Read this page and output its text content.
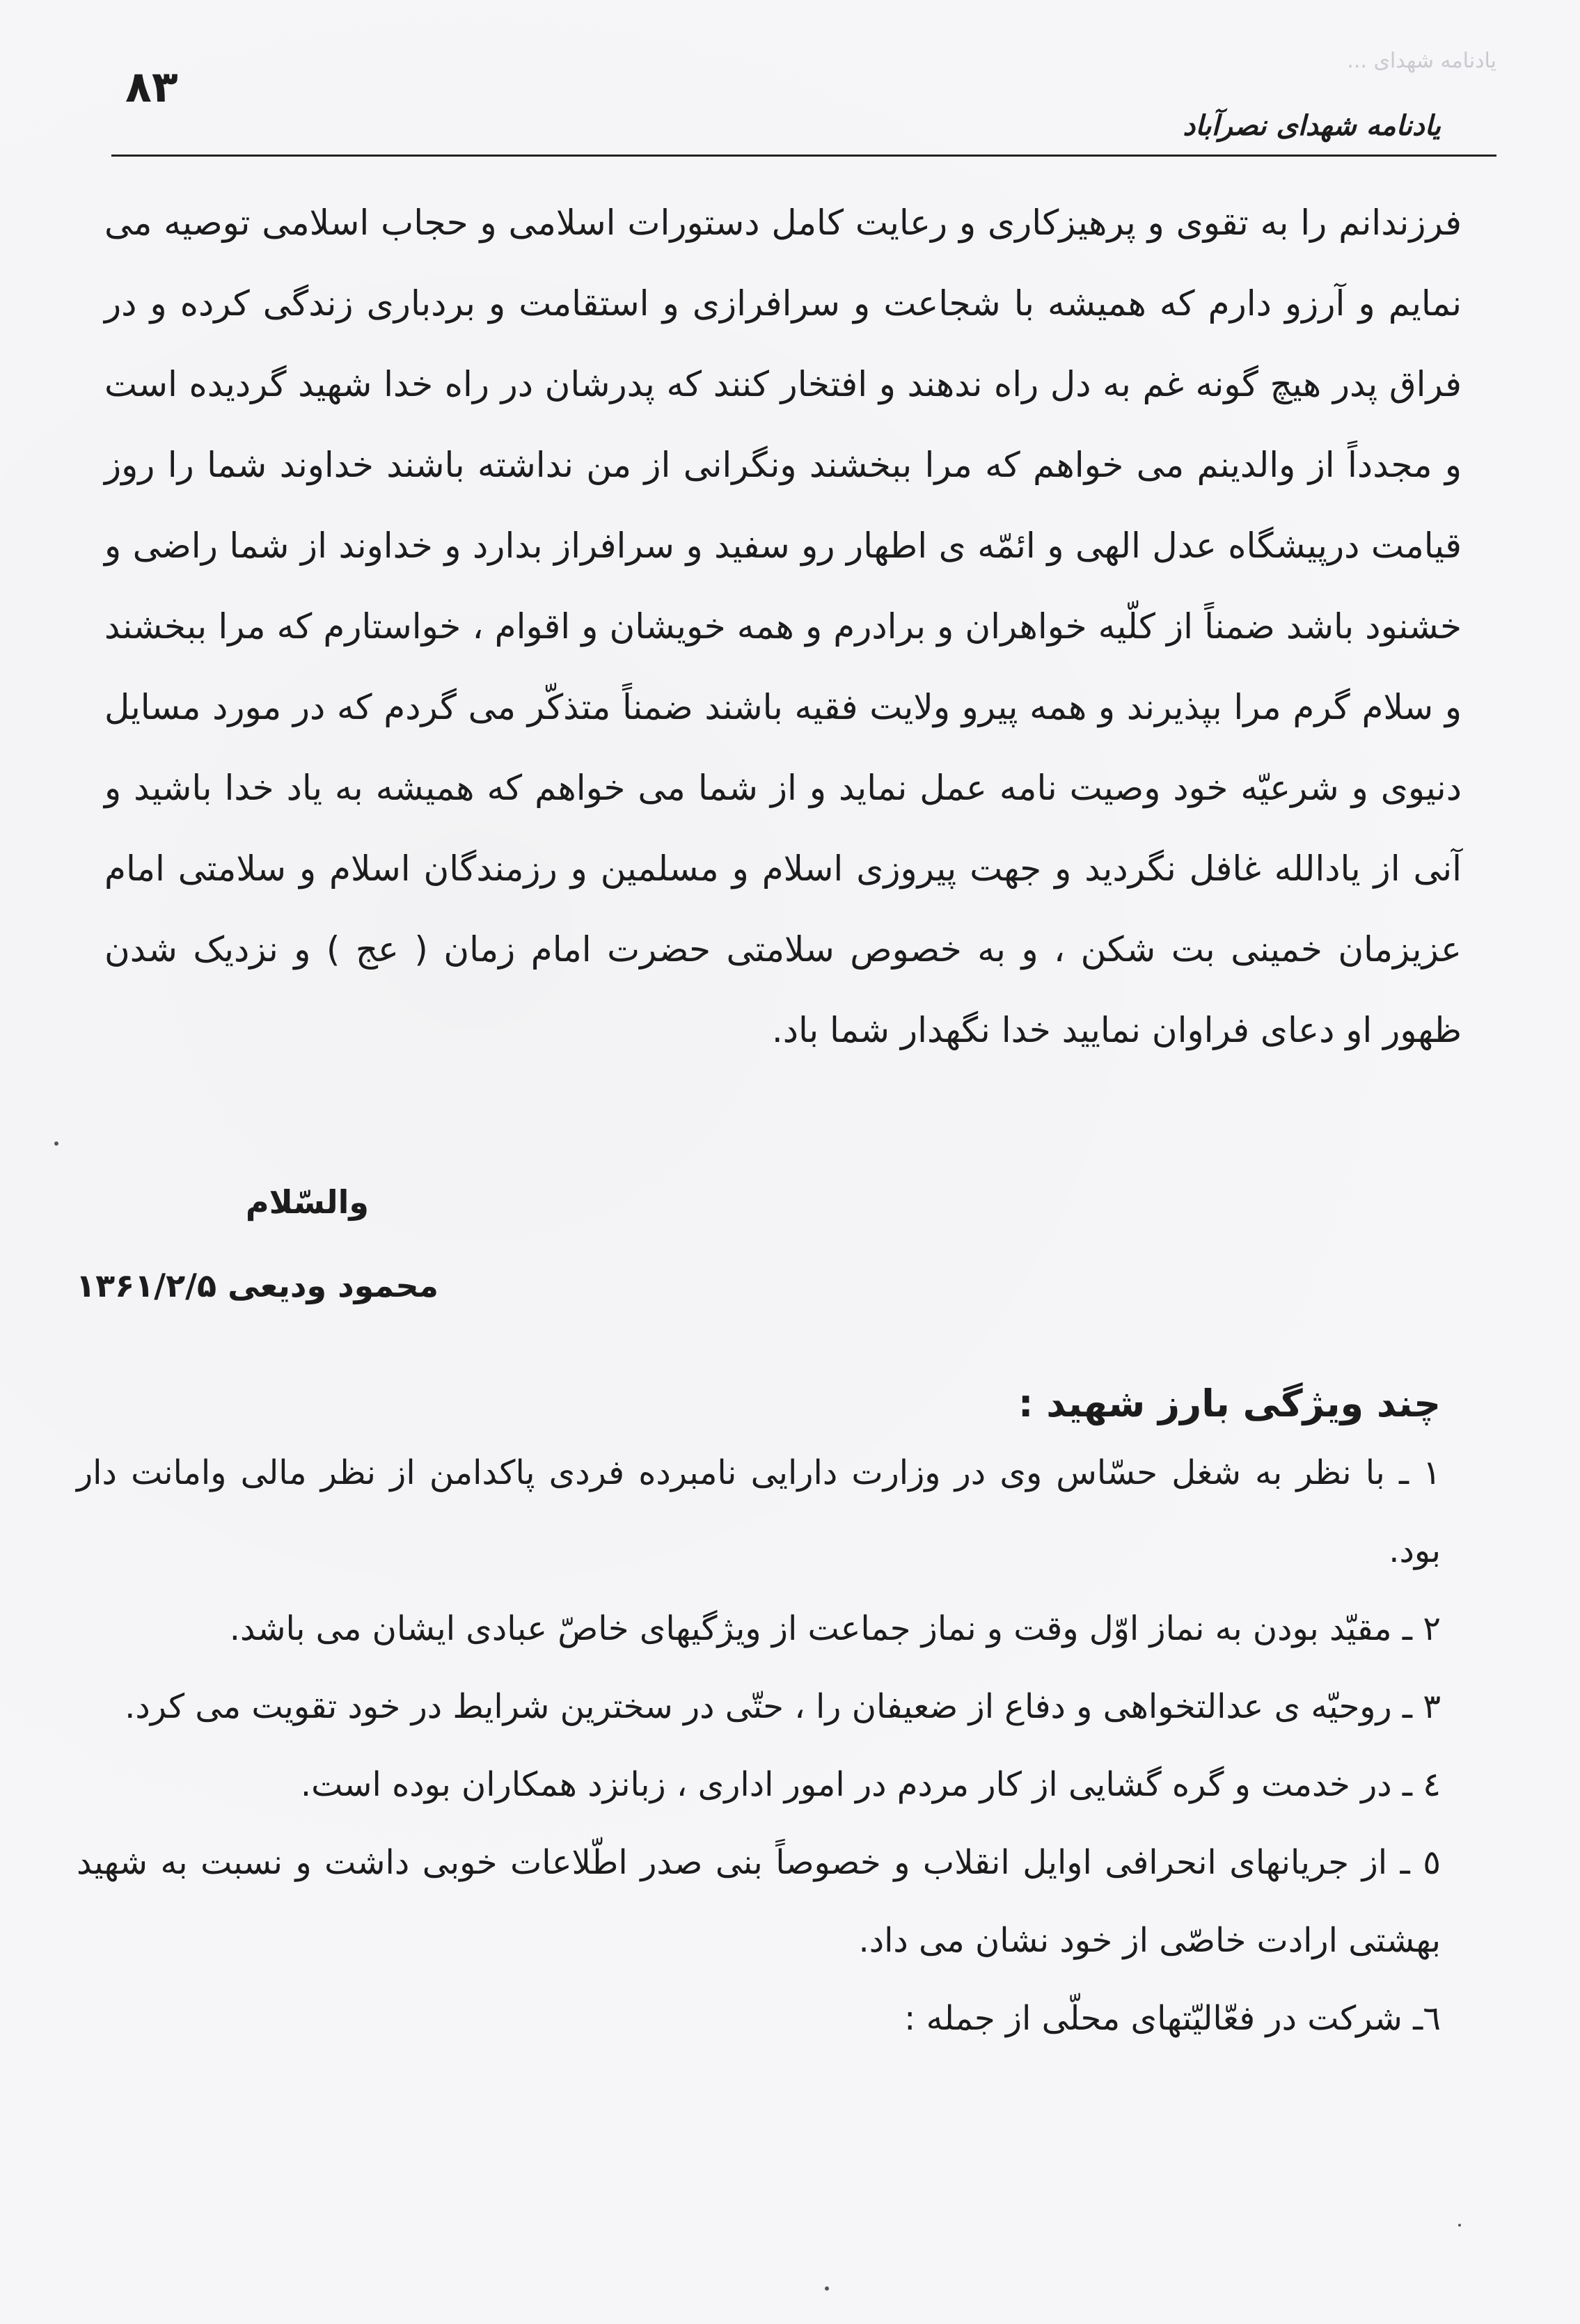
یادنامه شهدای ...
۸۳
یادنامه شهدای نصرآباد

فرزندانم را به تقوی و پرهیزکاری و رعایت کامل دستورات اسلامی و حجاب اسلامی توصیه می نمایم و آرزو دارم که همیشه با شجاعت و سرافرازی و استقامت و بردباری زندگی کرده و در فراق پدر هیچ گونه غم به دل راه ندهند و افتخار کنند که پدرشان در راه خدا شهید گردیده است و مجدداً از والدینم می خواهم که مرا ببخشند ونگرانی از من نداشته باشند خداوند شما را روز قیامت درپیشگاه عدل الهی و ائمّه ی اطهار رو سفید و سرافراز بدارد و خداوند از شما راضی و خشنود باشد ضمناً از کلّیه خواهران و برادرم و همه خویشان و اقوام ، خواستارم که مرا ببخشند و سلام گرم مرا بپذیرند و همه پیرو ولایت فقیه باشند ضمناً متذکّر می گردم که در مورد مسایل دنیوی و شرعیّه خود وصیت نامه عمل نماید و از شما می خواهم که همیشه به یاد خدا باشید و آنی از یادالله غافل نگردید و جهت پیروزی اسلام و مسلمین و رزمندگان اسلام و سلامتی امام عزیزمان خمینی بت شکن ، و به خصوص سلامتی حضرت امام زمان ( عج ) و نزدیک شدن ظهور او دعای فراوان نمایید خدا نگهدار شما باد.

والسّلام
محمود ودیعی ۱۳۶۱/۲/۵
چند ویژگی بارز شهید :
۱ ـ با نظر به شغل حسّاس وی در وزارت دارایی نامبرده فردی پاکدامن از نظر مالی وامانت دار بود.
۲ ـ مقیّد بودن به نماز اوّل وقت و نماز جماعت از ویژگیهای خاصّ عبادی ایشان می باشد.
۳ ـ روحیّه ی عدالتخواهی و دفاع از ضعیفان را ، حتّی در سخترین شرایط در خود تقویت می کرد.
٤ ـ در خدمت و گره گشایی از کار مردم در امور اداری ، زبانزد همکاران بوده است.
٥ ـ از جریانهای انحرافی اوایل انقلاب و خصوصاً بنی صدر اطّلاعات خوبی داشت و نسبت به شهید بهشتی ارادت خاصّی از خود نشان می داد.
٦ـ شرکت در فعّالیّتهای محلّی از جمله :
